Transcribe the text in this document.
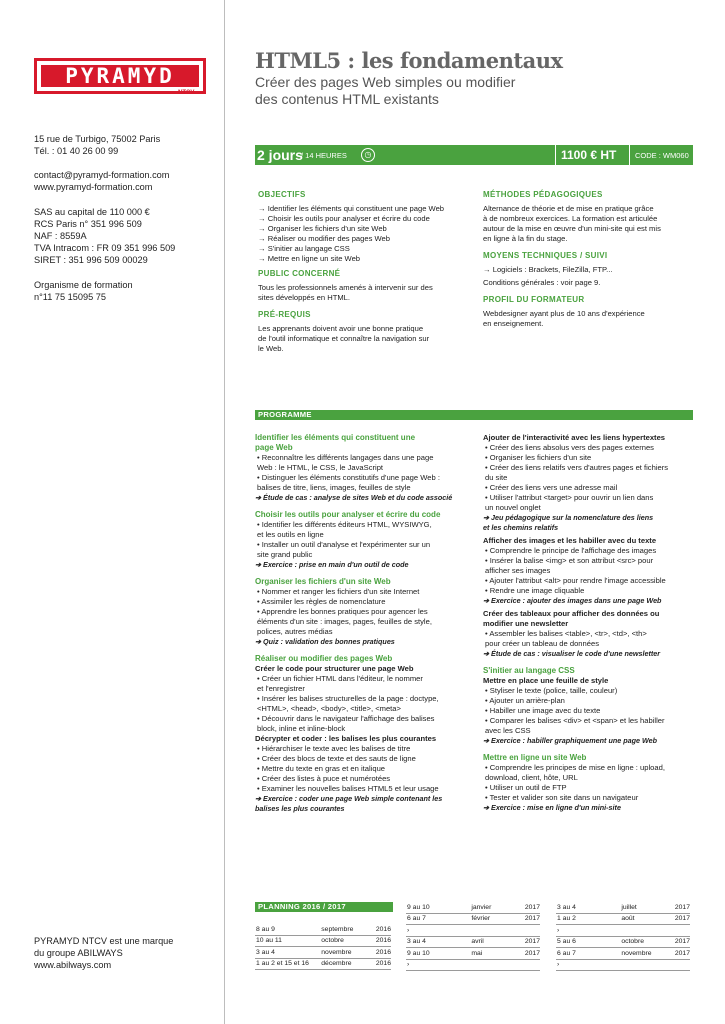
PYRAMYD
NTCV
15 rue de Turbigo, 75002 Paris
Tél. : 01 40 26 00 99
contact@pyramyd-formation.com
www.pyramyd-formation.com
SAS au capital de 110 000 €
RCS Paris n° 351 996 509
NAF : 8559A
TVA Intracom : FR 09 351 996 509
SIRET : 351 996 509 00029
Organisme de formation
n°11 75 15095 75
PYRAMYD NTCV est une marque
du groupe ABILWAYS
www.abilways.com
HTML5 : les fondamentaux
Créer des pages Web simples ou modifier
des contenus HTML existants
2 jours
/ 14 HEURES	◷	1100 € HT CODE : WM060
OBJECTIFS
→ Identifier les éléments qui constituent une page Web
→ Choisir les outils pour analyser et écrire du code
→ Organiser les fichiers d'un site Web
→ Réaliser ou modifier des pages Web
→ S'initier au langage CSS
→ Mettre en ligne un site Web
PUBLIC CONCERNÉ
Tous les professionnels amenés à intervenir sur des
sites développés en HTML.
PRÉ-REQUIS
Les apprenants doivent avoir une bonne pratique
de l'outil informatique et connaître la navigation sur
le Web.
MÉTHODES PÉDAGOGIQUES
Alternance de théorie et de mise en pratique grâce
à de nombreux exercices. La formation est articulée
autour de la mise en œuvre d'un mini-site qui est mis
en ligne à la fin du stage.
MOYENS TECHNIQUES / SUIVI
→ Logiciels : Brackets, FileZilla, FTP...
Conditions générales : voir page 9.
PROFIL DU FORMATEUR
Webdesigner ayant plus de 10 ans d'expérience
en enseignement.
PROGRAMME
Identifier les éléments qui constituent une
page Web
• Reconnaître les différents langages dans une page
Web : le HTML, le CSS, le JavaScript
• Distinguer les éléments constitutifs d'une page Web :
balises de titre, liens, images, feuilles de style
➔ Étude de cas : analyse de sites Web et du code associé
Choisir les outils pour analyser et écrire du code
• Identifier les différents éditeurs HTML, WYSIWYG,
et les outils en ligne
• Installer un outil d'analyse et l'expérimenter sur un
site grand public
➔ Exercice : prise en main d'un outil de code
Organiser les fichiers d'un site Web
• Nommer et ranger les fichiers d'un site Internet
• Assimiler les règles de nomenclature
• Apprendre les bonnes pratiques pour agencer les
éléments d'un site : images, pages, feuilles de style,
polices, autres médias
➔ Quiz : validation des bonnes pratiques
Réaliser ou modifier des pages Web
Créer le code pour structurer une page Web
• Créer un fichier HTML dans l'éditeur, le nommer
et l'enregistrer
• Insérer les balises structurelles de la page : doctype,
<HTML>, <head>, <body>, <title>, <meta>
• Découvrir dans le navigateur l'affichage des balises
block, inline et inline-block
Décrypter et coder : les balises les plus courantes
• Hiérarchiser le texte avec les balises de titre
• Créer des blocs de texte et des sauts de ligne
• Mettre du texte en gras et en italique
• Créer des listes à puce et numérotées
• Examiner les nouvelles balises HTML5 et leur usage
➔ Exercice : coder une page Web simple contenant les
balises les plus courantes
Ajouter de l'interactivité avec les liens hypertextes
• Créer des liens absolus vers des pages externes
• Organiser les fichiers d'un site
• Créer des liens relatifs vers d'autres pages et fichiers
du site
• Créer des liens vers une adresse mail
• Utiliser l'attribut <target> pour ouvrir un lien dans
un nouvel onglet
➔ Jeu pédagogique sur la nomenclature des liens
et les chemins relatifs
Afficher des images et les habiller avec du texte
• Comprendre le principe de l'affichage des images
• Insérer la balise <img> et son attribut <src> pour
afficher ses images
• Ajouter l'attribut <alt> pour rendre l'image accessible
• Rendre une image cliquable
➔ Exercice : ajouter des images dans une page Web
Créer des tableaux pour afficher des données ou
modifier une newsletter
• Assembler les balises <table>, <tr>, <td>, <th>
pour créer un tableau de données
➔ Étude de cas : visualiser le code d'une newsletter
S'initier au langage CSS
Mettre en place une feuille de style
• Styliser le texte (police, taille, couleur)
• Ajouter un arrière-plan
• Habiller une image avec du texte
• Comparer les balises <div> et <span> et les habiller
avec les CSS
➔ Exercice : habiller graphiquement une page Web
Mettre en ligne un site Web
• Comprendre les principes de mise en ligne : upload,
download, client, hôte, URL
• Utiliser un outil de FTP
• Tester et valider son site dans un navigateur
➔ Exercice : mise en ligne d'un mini-site
PLANNING 2016 / 2017
8 au 9	septembre	2016
10 au 11	octobre	2016
3 au 4	novembre	2016
1 au 2 et 15 et 16	décembre	2016
9 au 10	janvier	2017
6 au 7	février	2017
›		
3 au 4	avril	2017
9 au 10	mai	2017
›		
3 au 4	juillet	2017
1 au 2	août	2017
›		
5 au 6	octobre	2017
6 au 7	novembre	2017
›		
